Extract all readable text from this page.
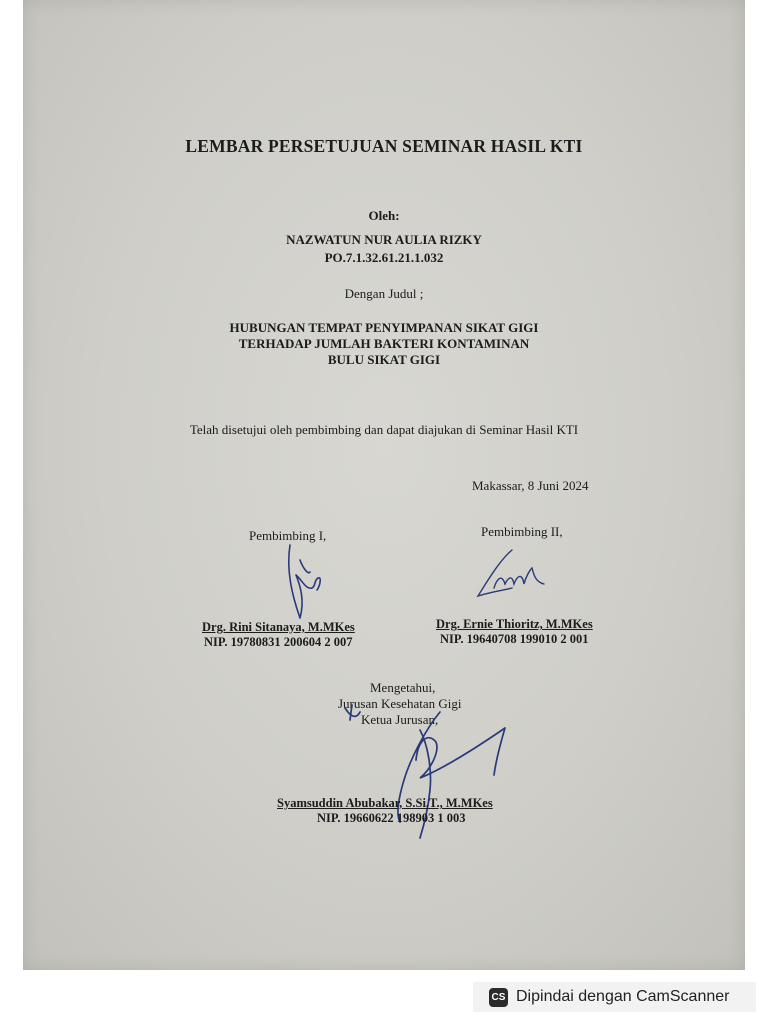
LEMBAR PERSETUJUAN SEMINAR HASIL KTI
Oleh:
NAZWATUN NUR AULIA RIZKY
PO.7.1.32.61.21.1.032
Dengan Judul ;
HUBUNGAN TEMPAT PENYIMPANAN SIKAT GIGI
TERHADAP JUMLAH BAKTERI KONTAMINAN
BULU SIKAT GIGI
Telah disetujui oleh pembimbing dan dapat diajukan di Seminar Hasil KTI
Makassar, 8 Juni 2024
Pembimbing I,
Drg. Rini Sitanaya, M.MKes
NIP. 19780831 200604 2 007
Pembimbing II,
Drg. Ernie Thioritz, M.MKes
NIP. 19640708 199010 2 001
Mengetahui,
Jurusan Kesehatan Gigi
Ketua Jurusan,
Syamsuddin Abubakar, S.Si.T., M.MKes
NIP. 19660622 198903 1 003
CS Dipindai dengan CamScanner
